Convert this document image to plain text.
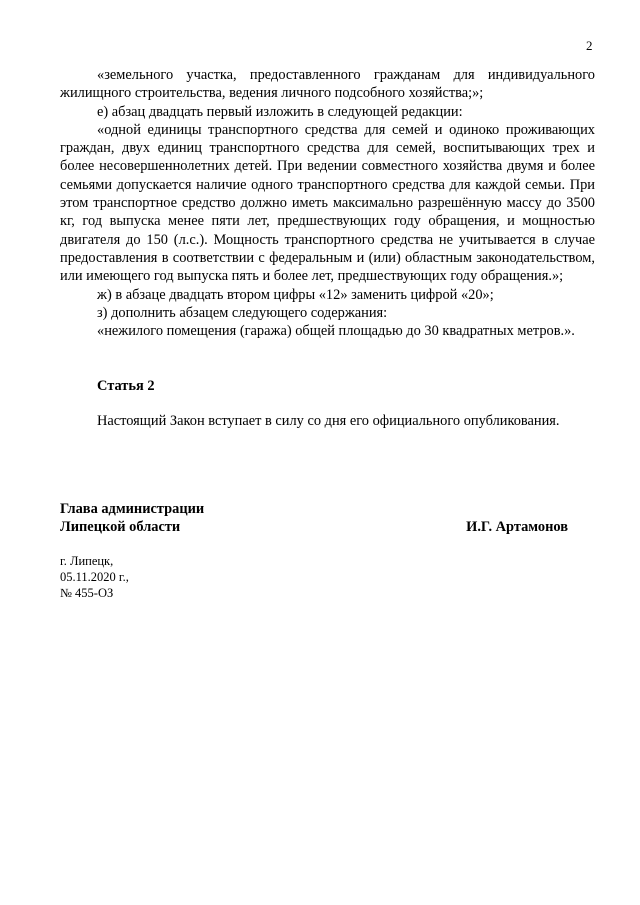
2

«земельного участка, предоставленного гражданам для индивидуального жилищного строительства, ведения личного подсобного хозяйства;»;

е) абзац двадцать первый изложить в следующей редакции:

«одной единицы транспортного средства для семей и одиноко проживающих граждан, двух единиц транспортного средства для семей, воспитывающих трех и более несовершеннолетних детей. При ведении совместного хозяйства двумя и более семьями допускается наличие одного транспортного средства для каждой семьи. При этом транспортное средство должно иметь максимально разрешённую массу до 3500 кг, год выпуска менее пяти лет, предшествующих году обращения, и мощностью двигателя до 150 (л.с.). Мощность транспортного средства не учитывается в случае предоставления в соответствии с федеральным и (или) областным законодательством, или имеющего год выпуска пять и более лет, предшествующих году обращения.»;

ж) в абзаце двадцать втором цифры «12» заменить цифрой «20»;

з) дополнить абзацем следующего содержания:

«нежилого помещения (гаража) общей площадью до 30 квадратных метров.».

Статья 2
Настоящий Закон вступает в силу со дня его официального опубликования.
Глава администрации
Липецкой области	И.Г. Артамонов
г. Липецк,
05.11.2020 г.,
№ 455-ОЗ
